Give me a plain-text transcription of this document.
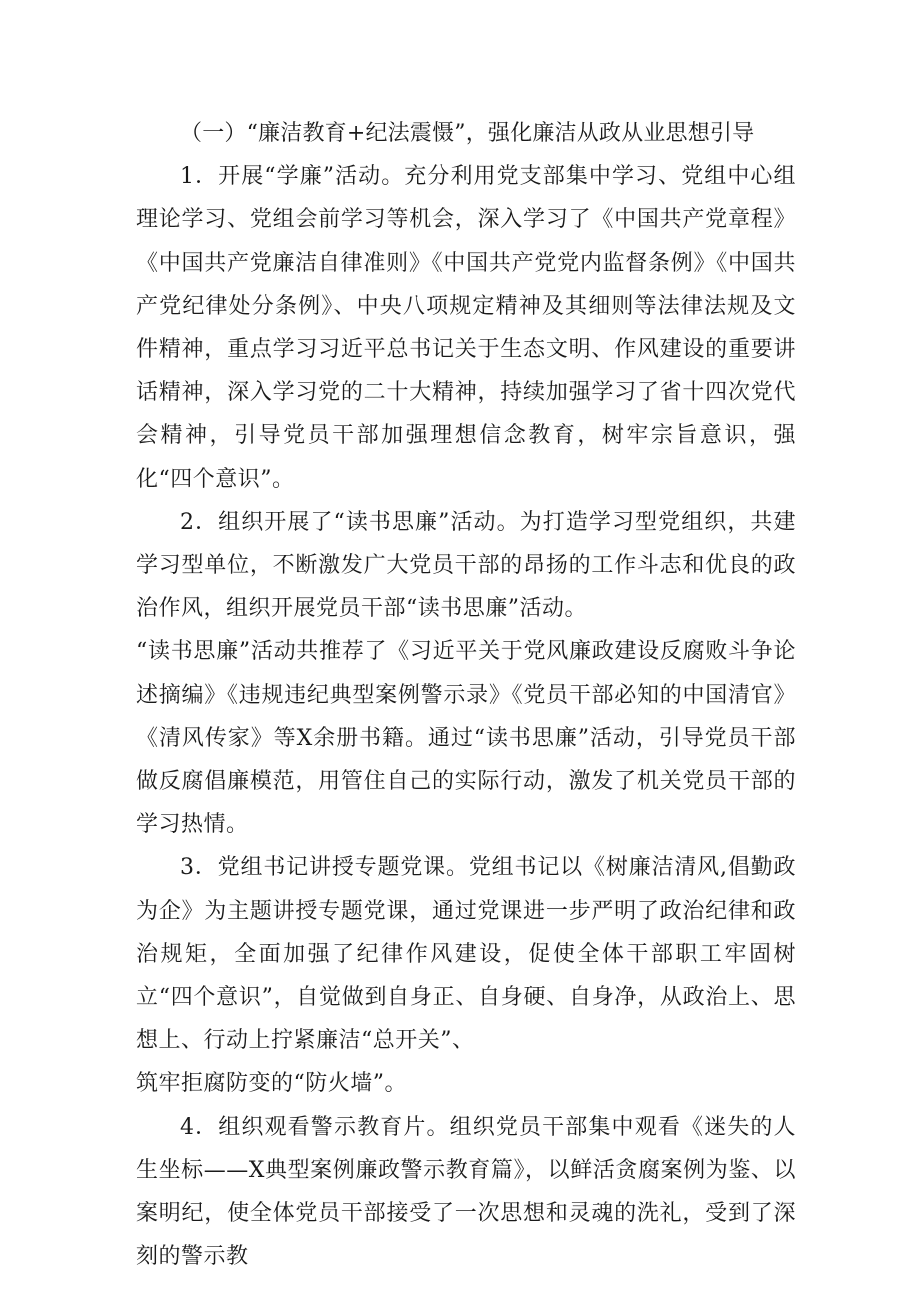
（一）“廉洁教育+纪法震慑”，强化廉洁从政从业思想引导

1．开展“学廉”活动。充分利用党支部集中学习、党组中心组理论学习、党组会前学习等机会，深入学习了《中国共产党章程》《中国共产党廉洁自律准则》《中国共产党党内监督条例》《中国共产党纪律处分条例》、中央八项规定精神及其细则等法律法规及文件精神，重点学习习近平总书记关于生态文明、作风建设的重要讲话精神，深入学习党的二十大精神，持续加强学习了省十四次党代会精神，引导党员干部加强理想信念教育，树牢宗旨意识，强化“四个意识”。

2．组织开展了“读书思廉”活动。为打造学习型党组织，共建学习型单位，不断激发广大党员干部的昂扬的工作斗志和优良的政治作风，组织开展党员干部“读书思廉”活动。

“读书思廉”活动共推荐了《习近平关于党风廉政建设反腐败斗争论述摘编》《违规违纪典型案例警示录》《党员干部必知的中国清官》《清风传家》等X余册书籍。通过“读书思廉”活动，引导党员干部做反腐倡廉模范，用管住自己的实际行动，激发了机关党员干部的学习热情。

3．党组书记讲授专题党课。党组书记以《树廉洁清风,倡勤政为企》为主题讲授专题党课，通过党课进一步严明了政治纪律和政治规矩，全面加强了纪律作风建设，促使全体干部职工牢固树立“四个意识”，自觉做到自身正、自身硬、自身净，从政治上、思想上、行动上拧紧廉洁“总开关”、

筑牢拒腐防变的“防火墙”。

4．组织观看警示教育片。组织党员干部集中观看《迷失的人生坐标——X典型案例廉政警示教育篇》，以鲜活贪腐案例为鉴、以案明纪，使全体党员干部接受了一次思想和灵魂的洗礼，受到了深刻的警示教
